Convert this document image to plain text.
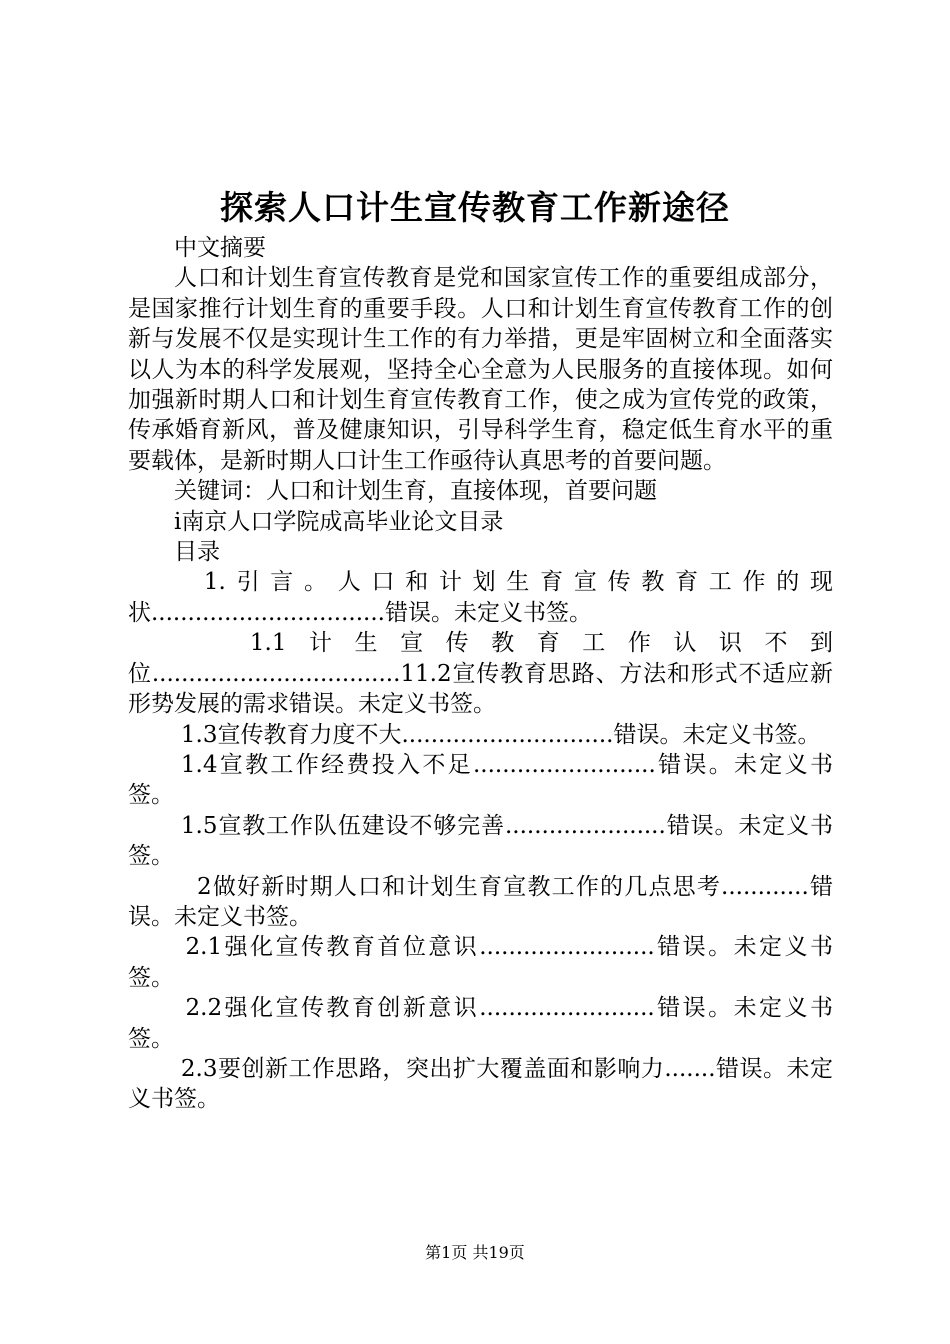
探索人口计生宣传教育工作新途径

中文摘要

人口和计划生育宣传教育是党和国家宣传工作的重要组成部分，是国家推行计划生育的重要手段。人口和计划生育宣传教育工作的创新与发展不仅是实现计生工作的有力举措，更是牢固树立和全面落实以人为本的科学发展观，坚持全心全意为人民服务的直接体现。如何加强新时期人口和计划生育宣传教育工作，使之成为宣传党的政策，传承婚育新风，普及健康知识，引导科学生育，稳定低生育水平的重要载体，是新时期人口计生工作亟待认真思考的首要问题。

关键词：人口和计划生育，直接体现，首要问题

i南京人口学院成高毕业论文目录

目录

1.引言。人口和计划生育宣传教育工作的现状................................错误。未定义书签。

1.1计生宣传教育工作认识不到位..................................11.2宣传教育思路、方法和形式不适应新形势发展的需求错误。未定义书签。

1.3宣传教育力度不大.............................错误。未定义书签。

1.4宣教工作经费投入不足.........................错误。未定义书签。

1.5宣教工作队伍建设不够完善......................错误。未定义书签。

2做好新时期人口和计划生育宣教工作的几点思考............错误。未定义书签。

2.1强化宣传教育首位意识........................错误。未定义书签。

2.2强化宣传教育创新意识........................错误。未定义书签。

2.3要创新工作思路，突出扩大覆盖面和影响力.......错误。未定义书签。

第1页 共19页
